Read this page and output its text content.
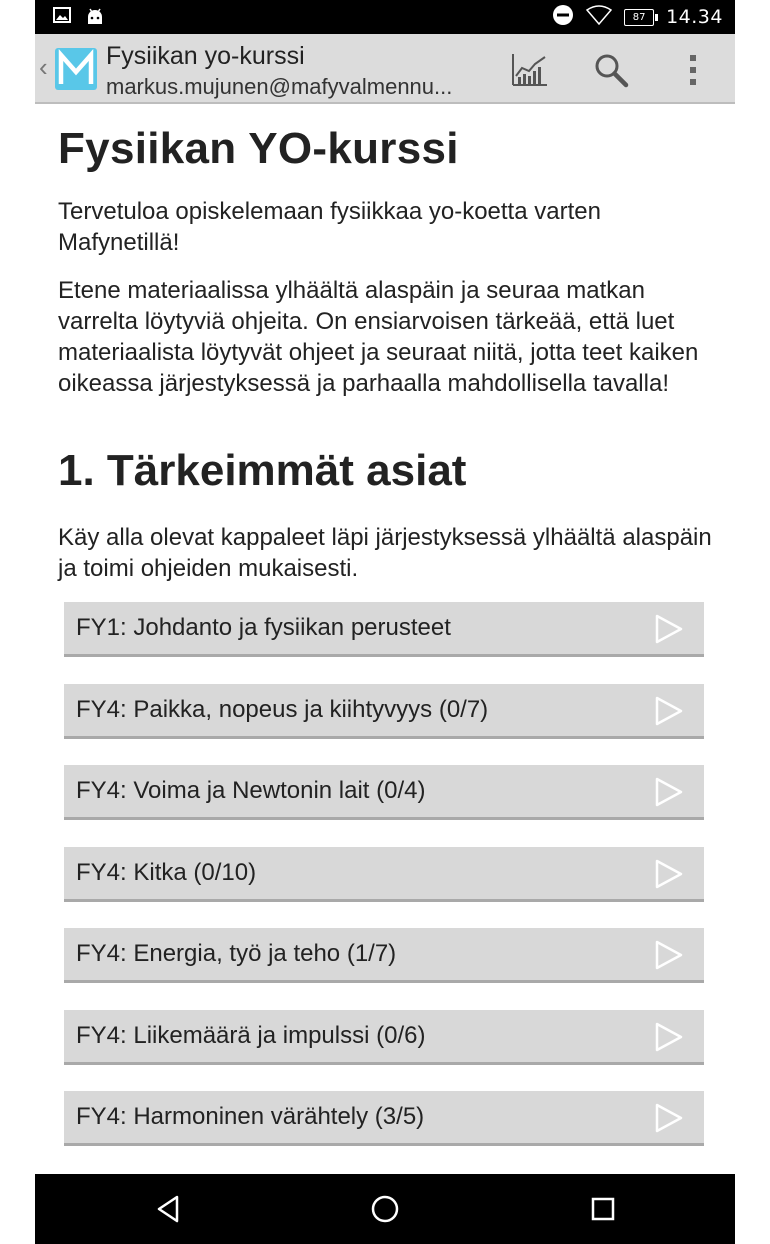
87	14.34
‹ Fysiikan yo-kurssi
markus.mujunen@mafyvalmennu...
Fysiikan YO-kurssi

Tervetuloa opiskelemaan fysiikkaa yo-koetta varten Mafynetillä!

Etene materiaalissa ylhäältä alaspäin ja seuraa matkan varrelta löytyviä ohjeita. On ensiarvoisen tärkeää, että luet materiaalista löytyvät ohjeet ja seuraat niitä, jotta teet kaiken oikeassa järjestyksessä ja parhaalla mahdollisella tavalla!

1. Tärkeimmät asiat

Käy alla olevat kappaleet läpi järjestyksessä ylhäältä alaspäin ja toimi ohjeiden mukaisesti.

FY1: Johdanto ja fysiikan perusteet
FY4: Paikka, nopeus ja kiihtyvyys (0/7)
FY4: Voima ja Newtonin lait (0/4)
FY4: Kitka (0/10)
FY4: Energia, työ ja teho (1/7)
FY4: Liikemäärä ja impulssi (0/6)
FY4: Harmoninen värähtely (3/5)
